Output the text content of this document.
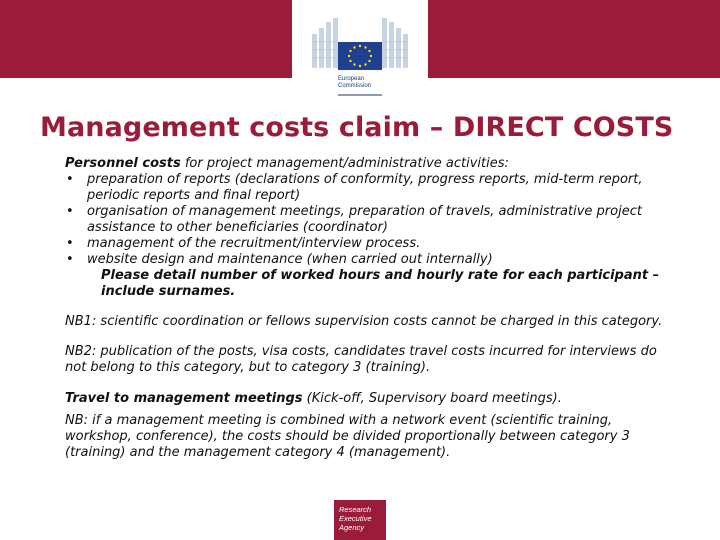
European
Commission
Management costs claim – DIRECT COSTS

Personnel costs for project management/administrative activities:

• preparation of reports (declarations of conformity, progress reports, mid-term report, periodic reports and final report)
• organisation of management meetings, preparation of travels, administrative project assistance to other beneficiaries (coordinator)
• management of the recruitment/interview process.
• website design and maintenance (when carried out internally)

Please detail number of worked hours and hourly rate for each participant – include surnames.

NB1: scientific coordination or fellows supervision costs cannot be charged in this category.

NB2: publication of the posts, visa costs, candidates travel costs incurred for interviews do not belong to this category, but to category 3 (training).

Travel to management meetings (Kick-off, Supervisory board meetings).

NB: if a management meeting is combined with a network event (scientific training, workshop, conference), the costs should be divided proportionally between category 3 (training) and the management category 4 (management).

Research
Executive
Agency
